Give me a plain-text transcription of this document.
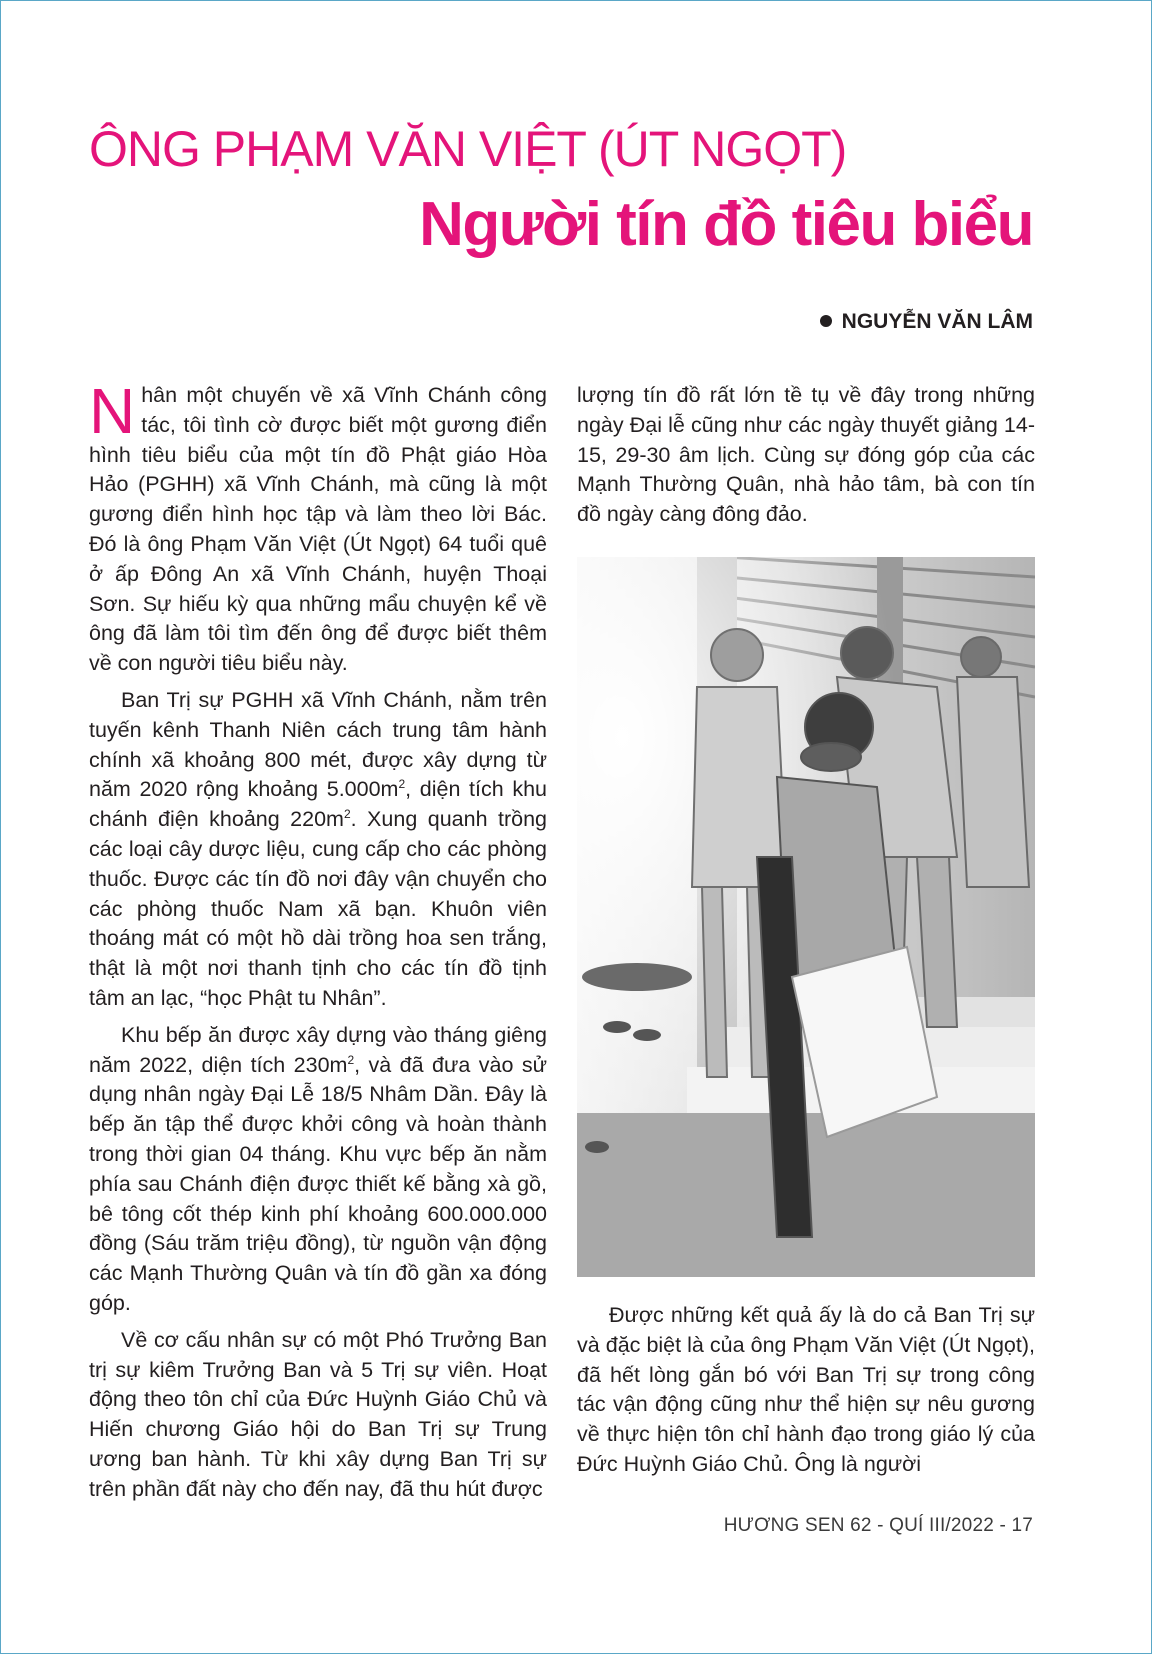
ÔNG PHẠM VĂN VIỆT (ÚT NGỌT)
Người tín đồ tiêu biểu
NGUYỄN VĂN LÂM

Nhân một chuyến về xã Vĩnh Chánh công tác, tôi tình cờ được biết một gương điển hình tiêu biểu của một tín đồ Phật giáo Hòa Hảo (PGHH) xã Vĩnh Chánh, mà cũng là một gương điển hình học tập và làm theo lời Bác. Đó là ông Phạm Văn Việt (Út Ngọt) 64 tuổi quê ở ấp Đông An xã Vĩnh Chánh, huyện Thoại Sơn. Sự hiếu kỳ qua những mẩu chuyện kể về ông đã làm tôi tìm đến ông để được biết thêm về con người tiêu biểu này.

Ban Trị sự PGHH xã Vĩnh Chánh, nằm trên tuyến kênh Thanh Niên cách trung tâm hành chính xã khoảng 800 mét, được xây dựng từ năm 2020 rộng khoảng $5.000m^2$, diện tích khu chánh điện khoảng $220m^2$. Xung quanh trồng các loại cây dược liệu, cung cấp cho các phòng thuốc. Được các tín đồ nơi đây vận chuyển cho các phòng thuốc Nam xã bạn. Khuôn viên thoáng mát có một hồ dài trồng hoa sen trắng, thật là một nơi thanh tịnh cho các tín đồ tịnh tâm an lạc, “học Phật tu Nhân”.

Khu bếp ăn được xây dựng vào tháng giêng năm 2022, diện tích $230m^2$, và đã đưa vào sử dụng nhân ngày Đại Lễ 18/5 Nhâm Dần. Đây là bếp ăn tập thể được khởi công và hoàn thành trong thời gian 04 tháng. Khu vực bếp ăn nằm phía sau Chánh điện được thiết kế bằng xà gồ, bê tông cốt thép kinh phí khoảng 600.000.000 đồng (Sáu trăm triệu đồng), từ nguồn vận động các Mạnh Thường Quân và tín đồ gần xa đóng góp.

Về cơ cấu nhân sự có một Phó Trưởng Ban trị sự kiêm Trưởng Ban và 5 Trị sự viên. Hoạt động theo tôn chỉ của Đức Huỳnh Giáo Chủ và Hiến chương Giáo hội do Ban Trị sự Trung ương ban hành. Từ khi xây dựng Ban Trị sự trên phần đất này cho đến nay, đã thu hút được

lượng tín đồ rất lớn tề tụ về đây trong những ngày Đại lễ cũng như các ngày thuyết giảng 14-15, 29-30 âm lịch. Cùng sự đóng góp của các Mạnh Thường Quân, nhà hảo tâm, bà con tín đồ ngày càng đông đảo.

Được những kết quả ấy là do cả Ban Trị sự và đặc biệt là của ông Phạm Văn Việt (Út Ngọt), đã hết lòng gắn bó với Ban Trị sự trong công tác vận động cũng như thể hiện sự nêu gương về thực hiện tôn chỉ hành đạo trong giáo lý của Đức Huỳnh Giáo Chủ. Ông là người

HƯƠNG SEN 62 - QUÍ III/2022 - 17
